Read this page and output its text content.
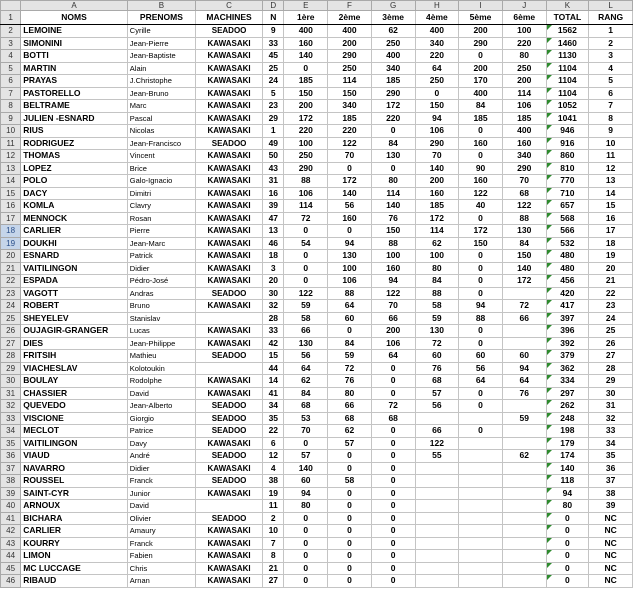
	A	B	C	D	E	F	G	H	I	J	K	L
1	NOMS	PRENOMS	MACHINES	N	1ère	2ème	3ème	4ème	5ème	6ème	TOTAL	RANG
2	LEMOINE	Cyrille	SEADOO	9	400	400	62	400	200	100	1562	1
3	SIMONINI	Jean-Pierre	KAWASAKI	33	160	200	250	340	290	220	1460	2
4	BOTTI	Jean-Baptiste	KAWASAKI	45	140	290	400	220	0	80	1130	3
5	MARTIN	Alain	KAWASAKI	25	0	250	340	64	200	250	1104	4
6	PRAYAS	J.Christophe	KAWASAKI	24	185	114	185	250	170	200	1104	5
7	PASTORELLO	Jean-Bruno	KAWASAKI	5	150	150	290	0	400	114	1104	6
8	BELTRAME	Marc	KAWASAKI	23	200	340	172	150	84	106	1052	7
9	JULIEN -ESNARD	Pascal	KAWASAKI	29	172	185	220	94	185	185	1041	8
10	RIUS	Nicolas	KAWASAKI	1	220	220	0	106	0	400	946	9
11	RODRIGUEZ	Jean-Francisco	SEADOO	49	100	122	84	290	160	160	916	10
12	THOMAS	Vincent	KAWASAKI	50	250	70	130	70	0	340	860	11
13	LOPEZ	Brice	KAWASAKI	43	290	0	0	140	90	290	810	12
14	POLO	Galo-Ignacio	KAWASAKI	31	88	172	80	200	160	70	770	13
15	DACY	Dimitri	KAWASAKI	16	106	140	114	160	122	68	710	14
16	KOMLA	Clavry	KAWASAKI	39	114	56	140	185	40	122	657	15
17	MENNOCK	Rosan	KAWASAKI	47	72	160	76	172	0	88	568	16
18	CARLIER	Pierre	KAWASAKI	13	0	0	150	114	172	130	566	17
19	DOUKHI	Jean-Marc	KAWASAKI	46	54	94	88	62	150	84	532	18
20	ESNARD	Patrick	KAWASAKI	18	0	130	100	100	0	150	480	19
21	VAITILINGON	Didier	KAWASAKI	3	0	100	160	80	0	140	480	20
22	ESPADA	Pédro-José	KAWASAKI	20	0	106	94	84	0	172	456	21
23	VAGOTT	Andras	SEADOO	30	122	88	122	88	0		420	22
24	ROBERT	Bruno	KAWASAKI	32	59	64	70	58	94	72	417	23
25	SHEYELEV	Stanislav		28	58	60	66	59	88	66	397	24
26	OUJAGIR-GRANGER	Lucas	KAWASAKI	33	66	0	200	130	0		396	25
27	DIES	Jean-Philippe	KAWASAKI	42	130	84	106	72	0		392	26
28	FRITSIH	Mathieu	SEADOO	15	56	59	64	60	60	60	379	27
29	VIACHESLAV	Kolotoukin		44	64	72	0	76	56	94	362	28
30	BOULAY	Rodolphe	KAWASAKI	14	62	76	0	68	64	64	334	29
31	CHASSIER	David	KAWASAKI	41	84	80	0	57	0	76	297	30
32	QUEVEDO	Jean-Alberto	SEADOO	34	68	66	72	56	0		262	31
33	VISCIONE	Giorgio	SEADOO	35	53	68	68			59	248	32
34	MECLOT	Patrice	SEADOO	22	70	62	0	66	0		198	33
35	VAITILINGON	Davy	KAWASAKI	6	0	57	0	122			179	34
36	VIAUD	André	SEADOO	12	57	0	0	55		62	174	35
37	NAVARRO	Didier	KAWASAKI	4	140	0	0				140	36
38	ROUSSEL	Franck	SEADOO	38	60	58	0				118	37
39	SAINT-CYR	Junior	KAWASAKI	19	94	0	0				94	38
40	ARNOUX	David		11	80	0	0				80	39
41	BICHARA	Olivier	SEADOO	2	0	0	0				0	NC
42	CARLIER	Amaury	KAWASAKI	10	0	0	0				0	NC
43	KOURRY	Franck	KAWASAKI	7	0	0	0				0	NC
44	LIMON	Fabien	KAWASAKI	8	0	0	0				0	NC
45	MC LUCCAGE	Chris	KAWASAKI	21	0	0	0				0	NC
46	RIBAUD	Arnan	KAWASAKI	27	0	0	0				0	NC
